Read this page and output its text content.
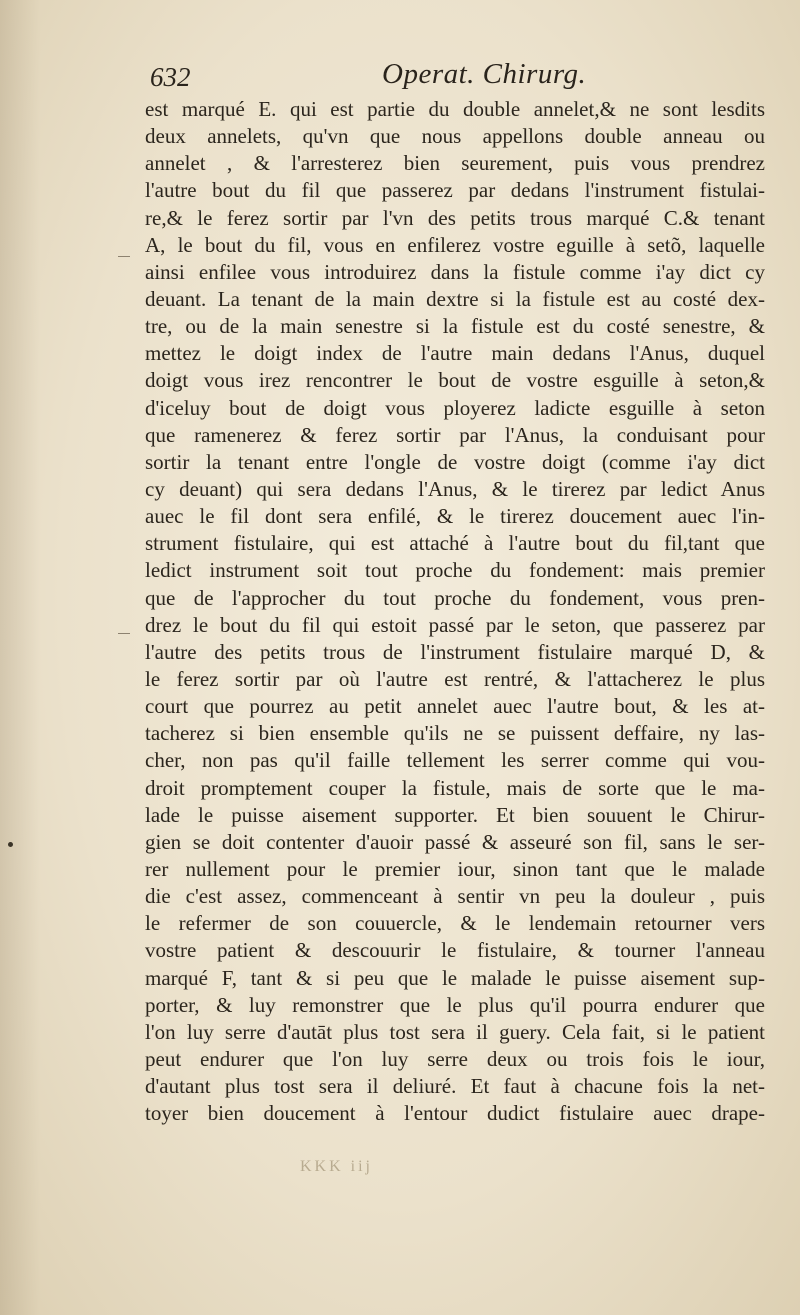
632	Operat. Chirurg.
est marqué E. qui est partie du double annelet,& ne sont lesdits
deux annelets, qu'vn que nous appellons double anneau ou
annelet , & l'arresterez bien seurement, puis vous prendrez
l'autre bout du fil que passerez par dedans l'instrument fistulai-
re,& le ferez sortir par l'vn des petits trous marqué C.& tenant
A, le bout du fil, vous en enfilerez vostre eguille à setõ, laquelle
ainsi enfilee vous introduirez dans la fistule comme i'ay dict cy
deuant. La tenant de la main dextre si la fistule est au costé dex-
tre, ou de la main senestre si la fistule est du costé senestre, &
mettez le doigt index de l'autre main dedans l'Anus, duquel
doigt vous irez rencontrer le bout de vostre esguille à seton,&
d'iceluy bout de doigt vous ployerez ladicte esguille à seton
que ramenerez & ferez sortir par l'Anus, la conduisant pour
sortir la tenant entre l'ongle de vostre doigt (comme i'ay dict
cy deuant) qui sera dedans l'Anus, & le tirerez par ledict Anus
auec le fil dont sera enfilé, & le tirerez doucement auec l'in-
strument fistulaire, qui est attaché à l'autre bout du fil,tant que
ledict instrument soit tout proche du fondement: mais premier
que de l'approcher du tout proche du fondement, vous pren-
drez le bout du fil qui estoit passé par le seton, que passerez par
l'autre des petits trous de l'instrument fistulaire marqué D, &
le ferez sortir par où l'autre est rentré, & l'attacherez le plus
court que pourrez au petit annelet auec l'autre bout, & les at-
tacherez si bien ensemble qu'ils ne se puissent deffaire, ny las-
cher, non pas qu'il faille tellement les serrer comme qui vou-
droit promptement couper la fistule, mais de sorte que le ma-
lade le puisse aisement supporter. Et bien souuent le Chirur-
gien se doit contenter d'auoir passé & asseuré son fil, sans le ser-
rer nullement pour le premier iour, sinon tant que le malade
die c'est assez, commenceant à sentir vn peu la douleur , puis
le refermer de son couuercle, & le lendemain retourner vers
vostre patient & descouurir le fistulaire, & tourner l'anneau
marqué F, tant & si peu que le malade le puisse aisement sup-
porter, & luy remonstrer que le plus qu'il pourra endurer que
l'on luy serre d'autāt plus tost sera il guery. Cela fait, si le patient
peut endurer que l'on luy serre deux ou trois fois le iour,
d'autant plus tost sera il deliuré. Et faut à chacune fois la net-
toyer bien doucement à l'entour dudict fistulaire auec drape-
KKK iij
